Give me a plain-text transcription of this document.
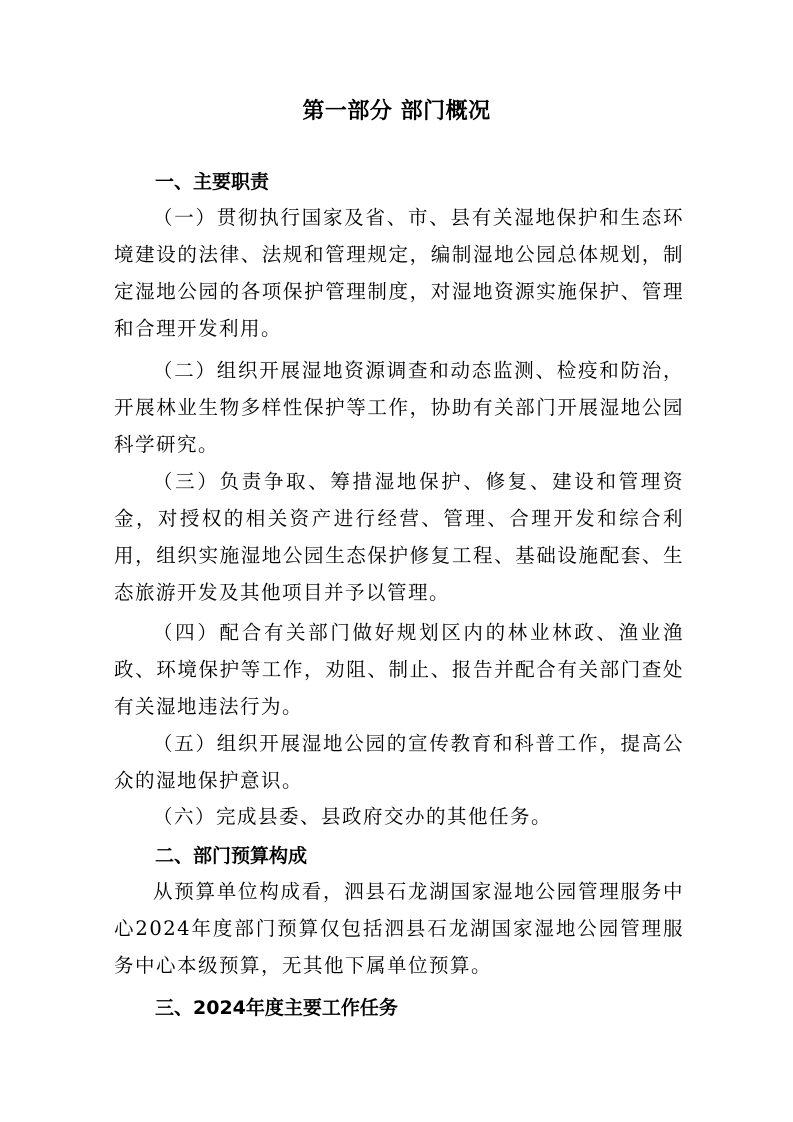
第一部分 部门概况
一、主要职责
（一）贯彻执行国家及省、市、县有关湿地保护和生态环境建设的法律、法规和管理规定，编制湿地公园总体规划，制定湿地公园的各项保护管理制度，对湿地资源实施保护、管理和合理开发利用。
（二）组织开展湿地资源调查和动态监测、检疫和防治，开展林业生物多样性保护等工作，协助有关部门开展湿地公园科学研究。
（三）负责争取、筹措湿地保护、修复、建设和管理资金，对授权的相关资产进行经营、管理、合理开发和综合利用，组织实施湿地公园生态保护修复工程、基础设施配套、生态旅游开发及其他项目并予以管理。
（四）配合有关部门做好规划区内的林业林政、渔业渔政、环境保护等工作，劝阻、制止、报告并配合有关部门查处有关湿地违法行为。
（五）组织开展湿地公园的宣传教育和科普工作，提高公众的湿地保护意识。
（六）完成县委、县政府交办的其他任务。
二、部门预算构成
从预算单位构成看，泗县石龙湖国家湿地公园管理服务中心2024年度部门预算仅包括泗县石龙湖国家湿地公园管理服务中心本级预算，无其他下属单位预算。
三、2024年度主要工作任务
